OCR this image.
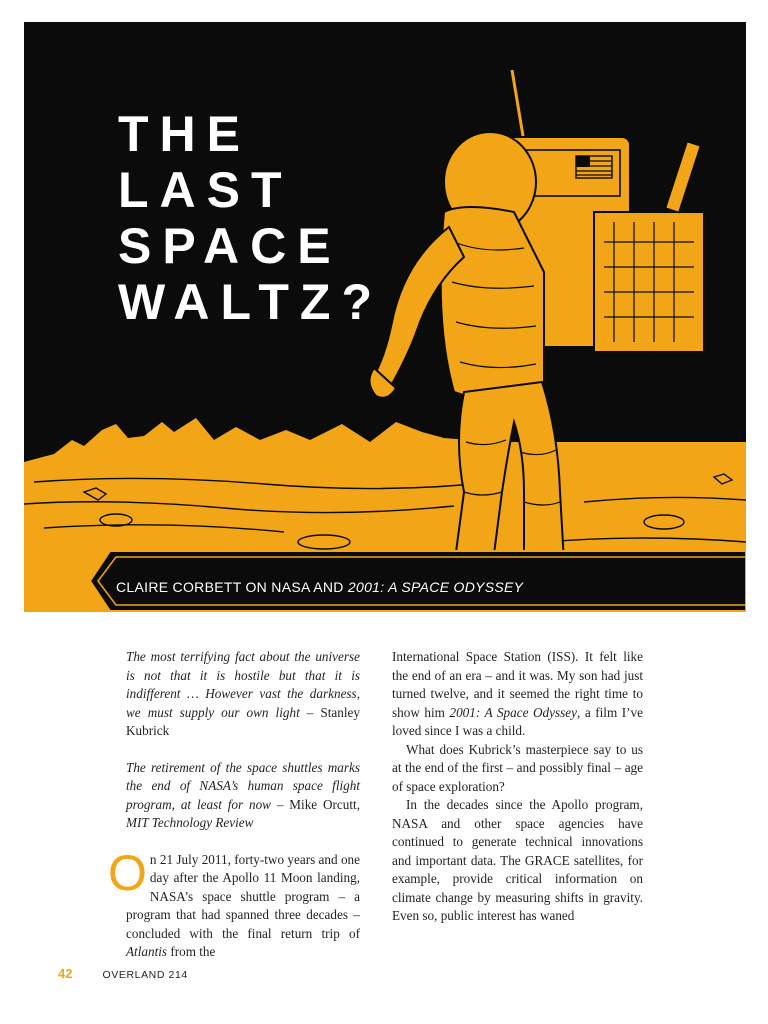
THE
LAST
SPACE
WALTZ?
CLAIRE CORBETT ON NASA AND 2001: A SPACE ODYSSEY

The most terrifying fact about the universe is not that it is hostile but that it is indifferent … However vast the darkness, we must supply our own light – Stanley Kubrick

The retirement of the space shuttles marks the end of NASA’s human space flight program, at least for now – Mike Orcutt, MIT Technology Review

On 21 July 2011, forty-two years and one day after the Apollo 11 Moon landing, NASA’s space shuttle program – a program that had spanned three decades – concluded with the final return trip of Atlantis from the

International Space Station (ISS). It felt like the end of an era – and it was. My son had just turned twelve, and it seemed the right time to show him 2001: A Space Odyssey, a film I’ve loved since I was a child.

What does Kubrick’s masterpiece say to us at the end of the first – and possibly final – age of space exploration?

In the decades since the Apollo program, NASA and other space agencies have continued to generate technical innovations and important data. The GRACE satellites, for example, provide critical information on climate change by measuring shifts in gravity. Even so, public interest has waned

42	OVERLAND 214
